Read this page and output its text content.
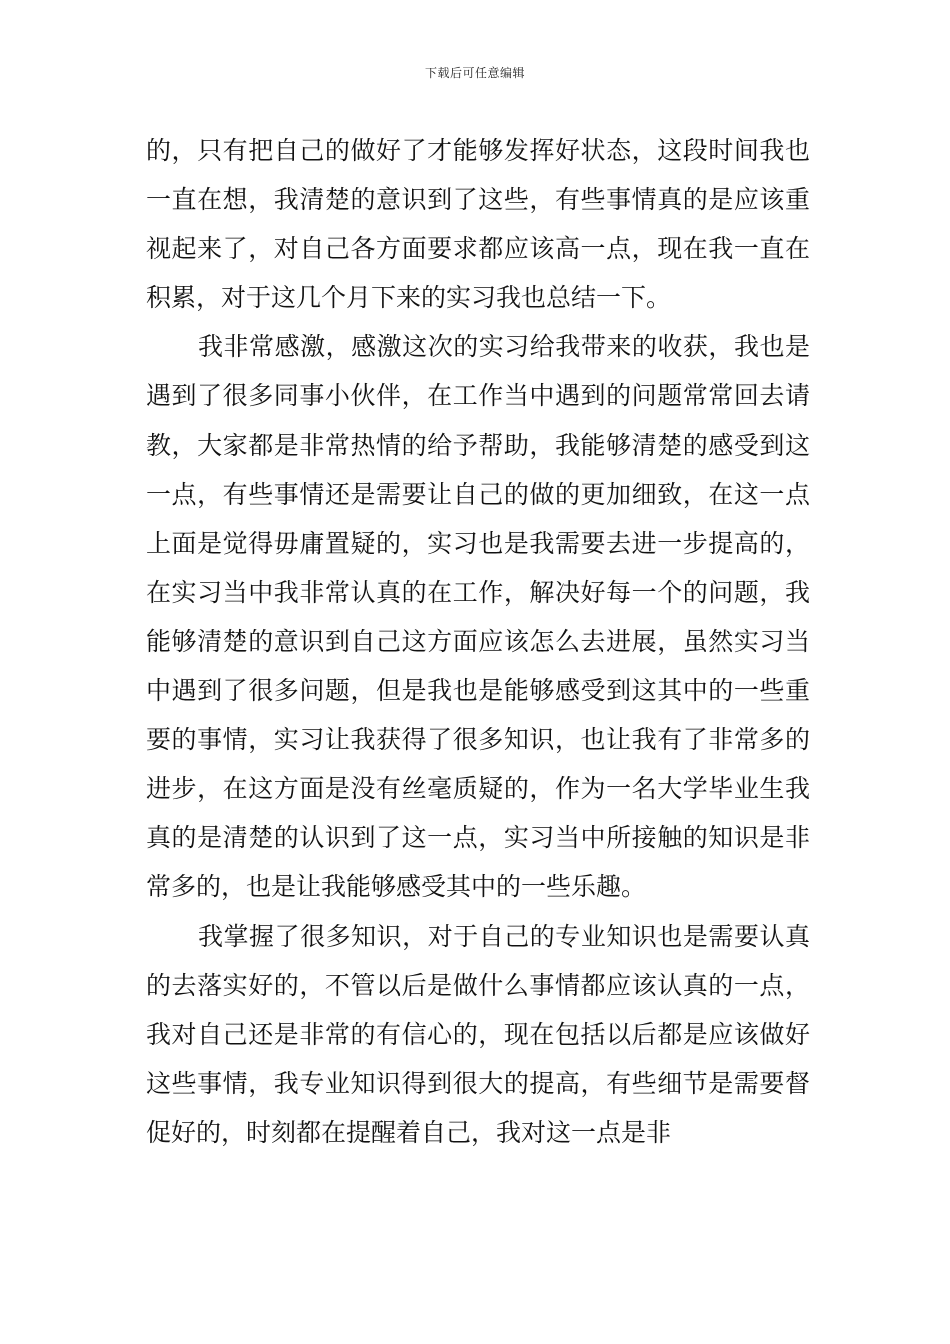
下载后可任意编辑

的，只有把自己的做好了才能够发挥好状态，这段时间我也一直在想，我清楚的意识到了这些，有些事情真的是应该重视起来了，对自己各方面要求都应该高一点，现在我一直在积累，对于这几个月下来的实习我也总结一下。

我非常感激，感激这次的实习给我带来的收获，我也是遇到了很多同事小伙伴，在工作当中遇到的问题常常回去请教，大家都是非常热情的给予帮助，我能够清楚的感受到这一点，有些事情还是需要让自己的做的更加细致，在这一点上面是觉得毋庸置疑的，实习也是我需要去进一步提高的，在实习当中我非常认真的在工作，解决好每一个的问题，我能够清楚的意识到自己这方面应该怎么去进展，虽然实习当中遇到了很多问题，但是我也是能够感受到这其中的一些重要的事情，实习让我获得了很多知识，也让我有了非常多的进步，在这方面是没有丝毫质疑的，作为一名大学毕业生我真的是清楚的认识到了这一点，实习当中所接触的知识是非常多的，也是让我能够感受其中的一些乐趣。

我掌握了很多知识，对于自己的专业知识也是需要认真的去落实好的，不管以后是做什么事情都应该认真的一点，我对自己还是非常的有信心的，现在包括以后都是应该做好这些事情，我专业知识得到很大的提高，有些细节是需要督促好的，时刻都在提醒着自己，我对这一点是非
